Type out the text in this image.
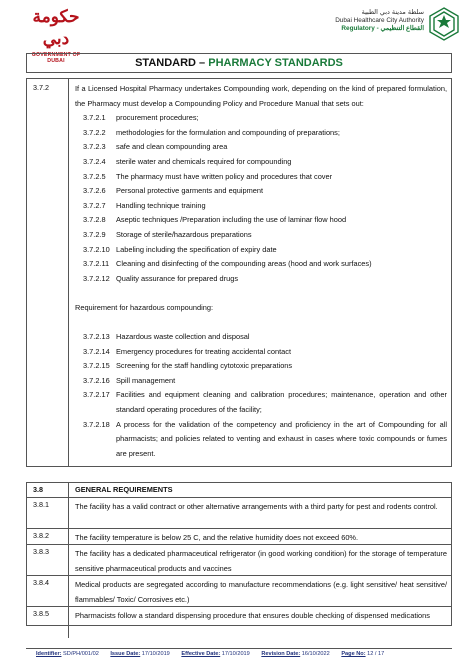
حكومة دبي
GOVERNMENT OF DUBAI
سلطة مدينة دبي الطبية
Dubai Healthcare City Authority
Regulatory - القطاع التنظيمي
STANDARD – PHARMACY STANDARDS
3.7.2	If a Licensed Hospital Pharmacy undertakes Compounding work, depending on the kind of prepared formulation, the Pharmacy must develop a Compounding Policy and Procedure Manual that sets out:

3.7.2.1	procurement procedures;
3.7.2.2	methodologies for the formulation and compounding of preparations;
3.7.2.3	safe and clean compounding area
3.7.2.4	sterile water and chemicals required for compounding
3.7.2.5	The pharmacy must have written policy and procedures that cover
3.7.2.6	Personal protective garments and equipment
3.7.2.7	Handling technique training
3.7.2.8	Aseptic techniques /Preparation including the use of laminar flow hood
3.7.2.9	Storage of sterile/hazardous preparations
3.7.2.10 Labeling including the specification of expiry date
3.7.2.11 Cleaning and disinfecting of the compounding areas (hood and work surfaces)
3.7.2.12 Quality assurance for prepared drugs

Requirement for hazardous compounding:

3.7.2.13 Hazardous waste collection and disposal
3.7.2.14 Emergency procedures for treating accidental contact
3.7.2.15 Screening for the staff handling cytotoxic preparations
3.7.2.16 Spill management
3.7.2.17 Facilities and equipment cleaning and calibration procedures; maintenance, operation and other standard operating procedures of the facility;
3.7.2.18 A process for the validation of the competency and proficiency in the art of Compounding for all pharmacists; and policies related to venting and exhaust in cases where toxic compounds or fumes are present.
3.8	GENERAL REQUIREMENTS
3.8.1	The facility has a valid contract or other alternative arrangements with a third party for pest and rodents control.
3.8.2	The facility temperature is below 25 C, and the relative humidity does not exceed 60%.
3.8.3	The facility has a dedicated pharmaceutical refrigerator (in good working condition) for the storage of temperature sensitive pharmaceutical products and vaccines
3.8.4	Medical products are segregated according to manufacture recommendations (e.g. light sensitive/ heat sensitive/ flammables/ Toxic/ Corrosives etc.)
3.8.5	Pharmacists follow a standard dispensing procedure that ensures double checking of dispensed medications
Identifier: SD/PH/001/02 Issue Date: 17/10/2019 Effective Date: 17/10/2019 Revision Date: 16/10/2022 Page No: 12 / 17
